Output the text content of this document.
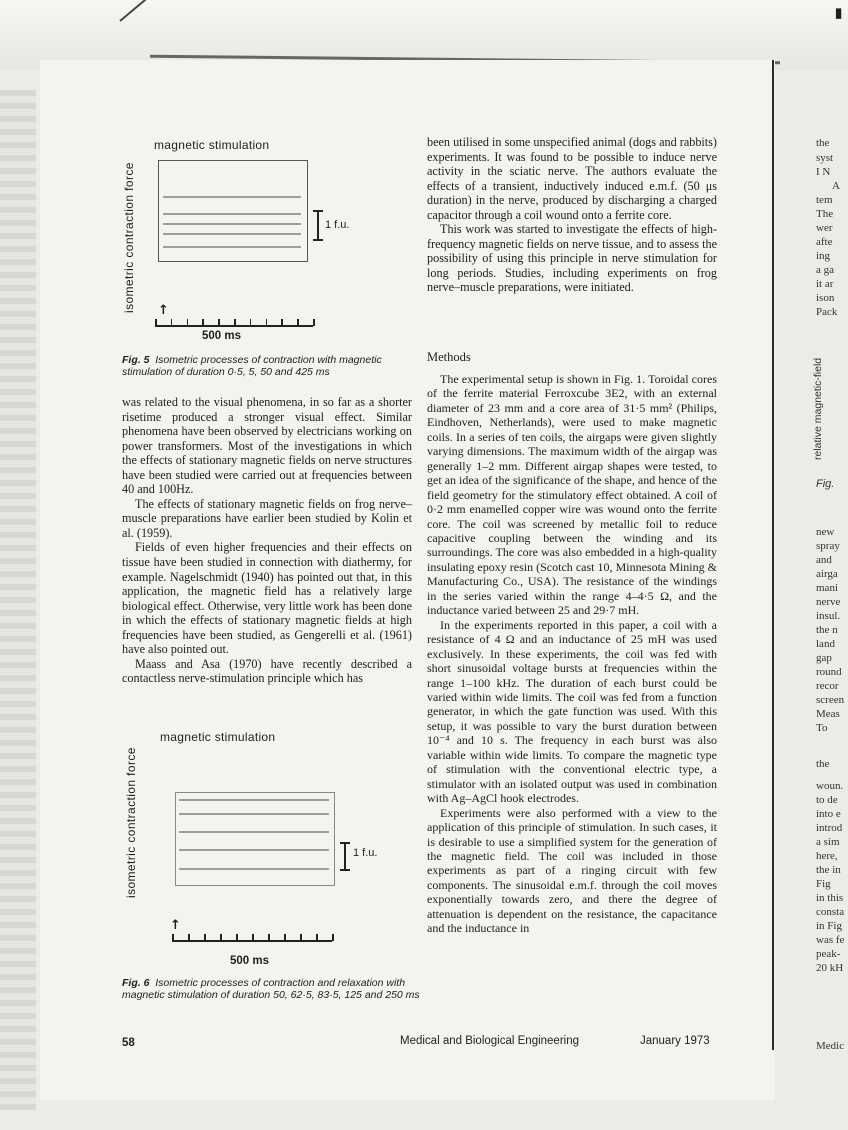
▮
magnetic stimulation
isometric contraction force	1 f.u.
↑
500 ms
Fig. 5 Isometric processes of contraction with magnetic stimulation of duration 0·5, 5, 50 and 425 ms

was related to the visual phenomena, in so far as a shorter risetime produced a stronger visual effect. Similar phenomena have been observed by electricians working on power transformers. Most of the investigations in which the effects of stationary magnetic fields on nerve structures have been studied were carried out at frequencies between 40 and 100Hz.

The effects of stationary magnetic fields on frog nerve–muscle preparations have earlier been studied by Kolin et al. (1959).

Fields of even higher frequencies and their effects on tissue have been studied in connection with diathermy, for example. Nagelschmidt (1940) has pointed out that, in this application, the magnetic field has a relatively large biological effect. Otherwise, very little work has been done in which the effects of stationary magnetic fields at high frequencies have been studied, as Gengerelli et al. (1961) have also pointed out.

Maass and Asa (1970) have recently described a contactless nerve-stimulation principle which has

magnetic stimulation
isometric contraction force	1 f.u.
↑
500 ms
Fig. 6 Isometric processes of contraction and relaxation with magnetic stimulation of duration 50, 62·5, 83·5, 125 and 250 ms

been utilised in some unspecified animal (dogs and rabbits) experiments. It was found to be possible to induce nerve activity in the sciatic nerve. The authors evaluate the effects of a transient, inductively induced e.m.f. (50 μs duration) in the nerve, produced by discharging a charged capacitor through a coil wound onto a ferrite core.

This work was started to investigate the effects of high-frequency magnetic fields on nerve tissue, and to assess the possibility of using this principle in nerve stimulation for long periods. Studies, including experiments on frog nerve–muscle preparations, were initiated.

Methods

The experimental setup is shown in Fig. 1. Toroidal cores of the ferrite material Ferroxcube 3E2, with an external diameter of 23 mm and a core area of 31·5 mm² (Philips, Eindhoven, Netherlands), were used to make magnetic coils. In a series of ten coils, the airgaps were given slightly varying dimensions. The maximum width of the airgap was generally 1–2 mm. Different airgap shapes were tested, to get an idea of the significance of the shape, and hence of the field geometry for the stimulatory effect obtained. A coil of 0·2 mm enamelled copper wire was wound onto the ferrite core. The coil was screened by metallic foil to reduce capacitive coupling between the winding and its surroundings. The core was also embedded in a high-quality insulating epoxy resin (Scotch cast 10, Minnesota Mining & Manufacturing Co., USA). The resistance of the windings in the series varied within the range 4–4·5 Ω, and the inductance varied between 25 and 29·7 mH.

In the experiments reported in this paper, a coil with a resistance of 4 Ω and an inductance of 25 mH was used exclusively. In these experiments, the coil was fed with short sinusoidal voltage bursts at frequencies within the range 1–100 kHz. The duration of each burst could be varied within wide limits. The coil was fed from a function generator, in which the gate function was used. With this setup, it was possible to vary the burst duration between 10⁻⁴ and 10 s. The frequency in each burst was also variable within wide limits. To compare the magnetic type of stimulation with the conventional electric type, a stimulator with an isolated output was used in combination with Ag–AgCl hook electrodes.

Experiments were also performed with a view to the application of this principle of stimulation. In such cases, it is desirable to use a simplified system for the generation of the magnetic field. The coil was included in those experiments as part of a ringing circuit with few components. The sinusoidal e.m.f. through the coil moves exponentially towards zero, and there the degree of attenuation is dependent on the resistance, the capacitance and the inductance in

58	Medical and Biological Engineering	January 1973
the
syst
I N
A
tem
The
wer
afte
ing
a ga
it ar
ison
Pack
new
spray
and
airga
mani
nerve
insul.
the n
land
gap
round
recor
screen
Meas
To
the
woun.
to de
into e
introd
a sim
here,
the in
Fig
in this
consta
in Fig
was fe
peak-
20 kH
Medic
relative magnetic-field
Fig.
